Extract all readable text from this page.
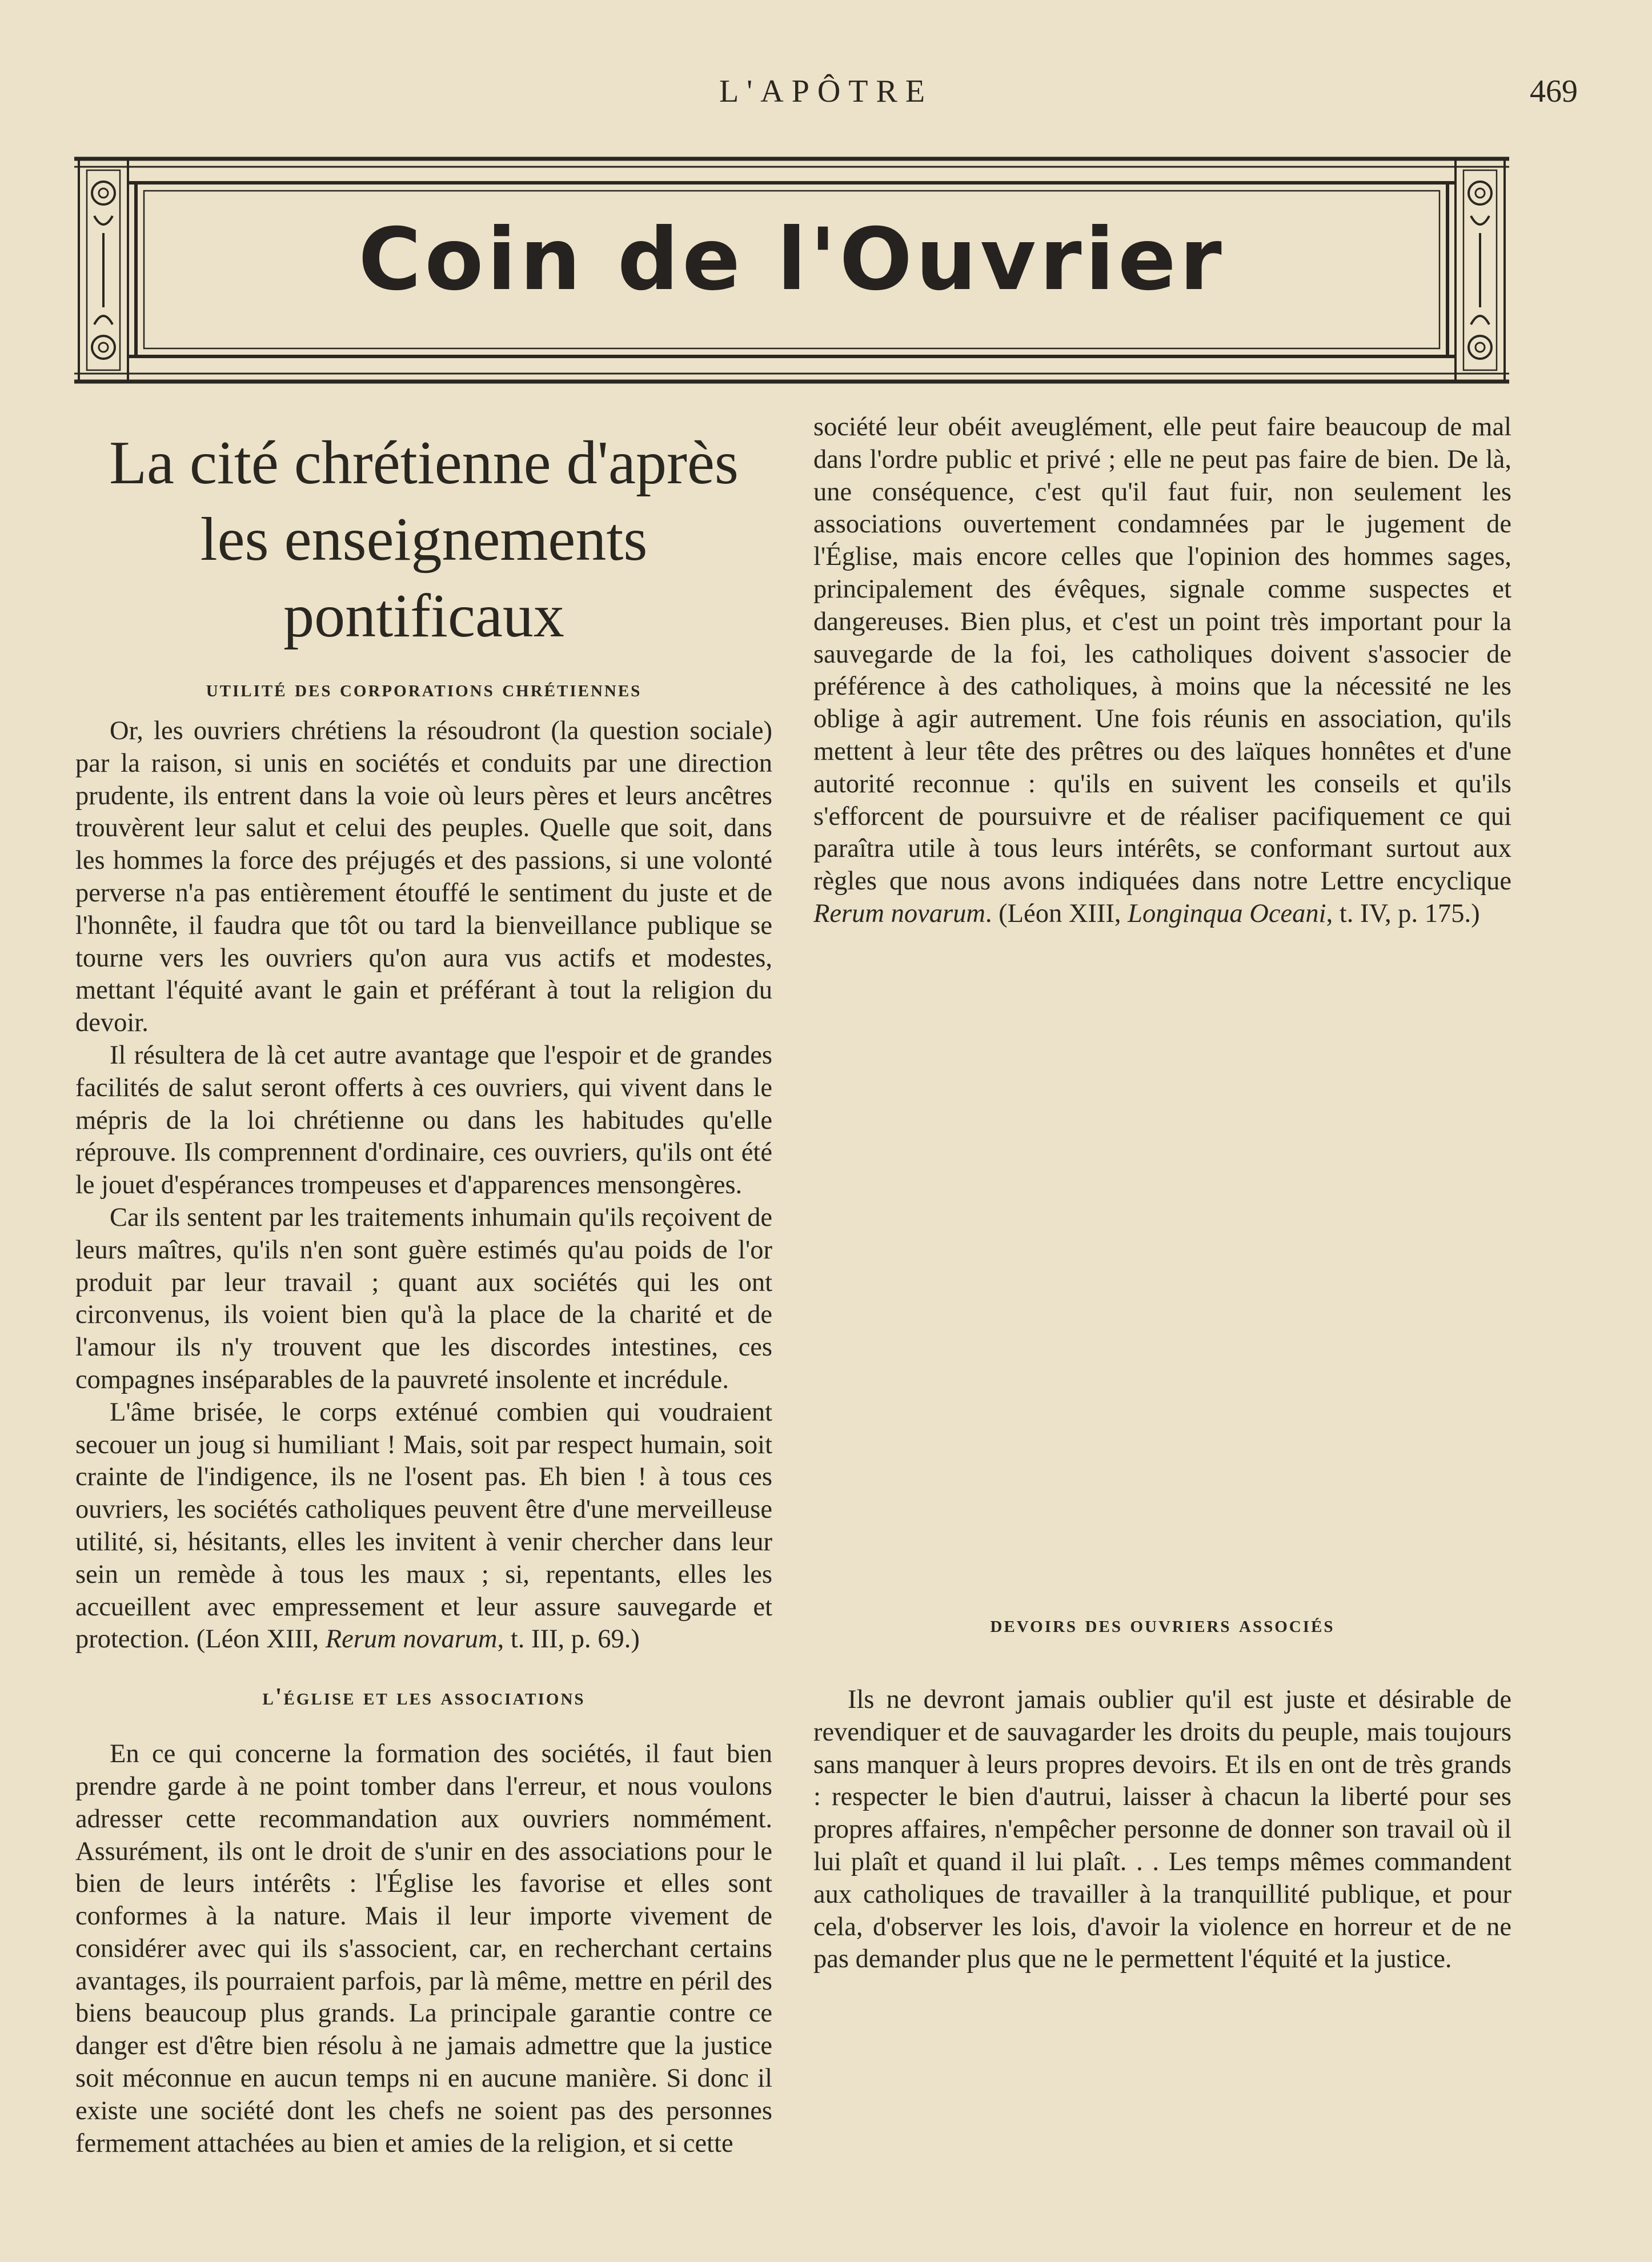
L'APÔTRE	469
Coin de l'Ouvrier
La cité chrétienne d'après
les enseignements
pontificaux
utilité des corporations chrétiennes

Or, les ouvriers chrétiens la résoudront (la question sociale) par la raison, si unis en sociétés et conduits par une direction prudente, ils entrent dans la voie où leurs pères et leurs ancêtres trouvèrent leur salut et celui des peuples. Quelle que soit, dans les hommes la force des préjugés et des passions, si une volonté perverse n'a pas entièrement étouffé le sentiment du juste et de l'honnête, il faudra que tôt ou tard la bienveillance publique se tourne vers les ouvriers qu'on aura vus actifs et modestes, mettant l'équité avant le gain et préférant à tout la religion du devoir.

Il résultera de là cet autre avantage que l'espoir et de grandes facilités de salut seront offerts à ces ouvriers, qui vivent dans le mépris de la loi chrétienne ou dans les habitudes qu'elle réprouve. Ils comprennent d'ordinaire, ces ouvriers, qu'ils ont été le jouet d'espérances trompeuses et d'apparences mensongères.

Car ils sentent par les traitements inhumain qu'ils reçoivent de leurs maîtres, qu'ils n'en sont guère estimés qu'au poids de l'or produit par leur travail ; quant aux sociétés qui les ont circonvenus, ils voient bien qu'à la place de la charité et de l'amour ils n'y trouvent que les discordes intestines, ces compagnes inséparables de la pauvreté insolente et incrédule.

L'âme brisée, le corps exténué combien qui voudraient secouer un joug si humiliant ! Mais, soit par respect humain, soit crainte de l'indigence, ils ne l'osent pas. Eh bien ! à tous ces ouvriers, les sociétés catholiques peuvent être d'une merveilleuse utilité, si, hésitants, elles les invitent à venir chercher dans leur sein un remède à tous les maux ; si, repentants, elles les accueillent avec empressement et leur assure sauvegarde et protection. (Léon XIII, Rerum novarum, t. III, p. 69.)

l'église et les associations

En ce qui concerne la formation des sociétés, il faut bien prendre garde à ne point tomber dans l'erreur, et nous voulons adresser cette recommandation aux ouvriers nommément. Assurément, ils ont le droit de s'unir en des associations pour le bien de leurs intérêts : l'Église les favorise et elles sont conformes à la nature. Mais il leur importe vivement de considérer avec qui ils s'associent, car, en recherchant certains avantages, ils pourraient parfois, par là même, mettre en péril des biens beaucoup plus grands. La principale garantie contre ce danger est d'être bien résolu à ne jamais admettre que la justice soit méconnue en aucun temps ni en aucune manière. Si donc il existe une société dont les chefs ne soient pas des personnes fermement attachées au bien et amies de la religion, et si cette

société leur obéit aveuglément, elle peut faire beaucoup de mal dans l'ordre public et privé ; elle ne peut pas faire de bien. De là, une conséquence, c'est qu'il faut fuir, non seulement les associations ouvertement condamnées par le jugement de l'Église, mais encore celles que l'opinion des hommes sages, principalement des évêques, signale comme suspectes et dangereuses. Bien plus, et c'est un point très important pour la sauvegarde de la foi, les catholiques doivent s'associer de préférence à des catholiques, à moins que la nécessité ne les oblige à agir autrement. Une fois réunis en association, qu'ils mettent à leur tête des prêtres ou des laïques honnêtes et d'une autorité reconnue : qu'ils en suivent les conseils et qu'ils s'efforcent de poursuivre et de réaliser pacifiquement ce qui paraîtra utile à tous leurs intérêts, se conformant surtout aux règles que nous avons indiquées dans notre Lettre encyclique Rerum novarum. (Léon XIII, Longinqua Oceani, t. IV, p. 175.)

devoirs des ouvriers associés

Ils ne devront jamais oublier qu'il est juste et désirable de revendiquer et de sauvagarder les droits du peuple, mais toujours sans manquer à leurs propres devoirs. Et ils en ont de très grands : respecter le bien d'autrui, laisser à chacun la liberté pour ses propres affaires, n'empêcher personne de donner son travail où il lui plaît et quand il lui plaît. . . Les temps mêmes commandent aux catholiques de travailler à la tranquillité publique, et pour cela, d'observer les lois, d'avoir la violence en horreur et de ne pas demander plus que ne le permettent l'équité et la justice.
